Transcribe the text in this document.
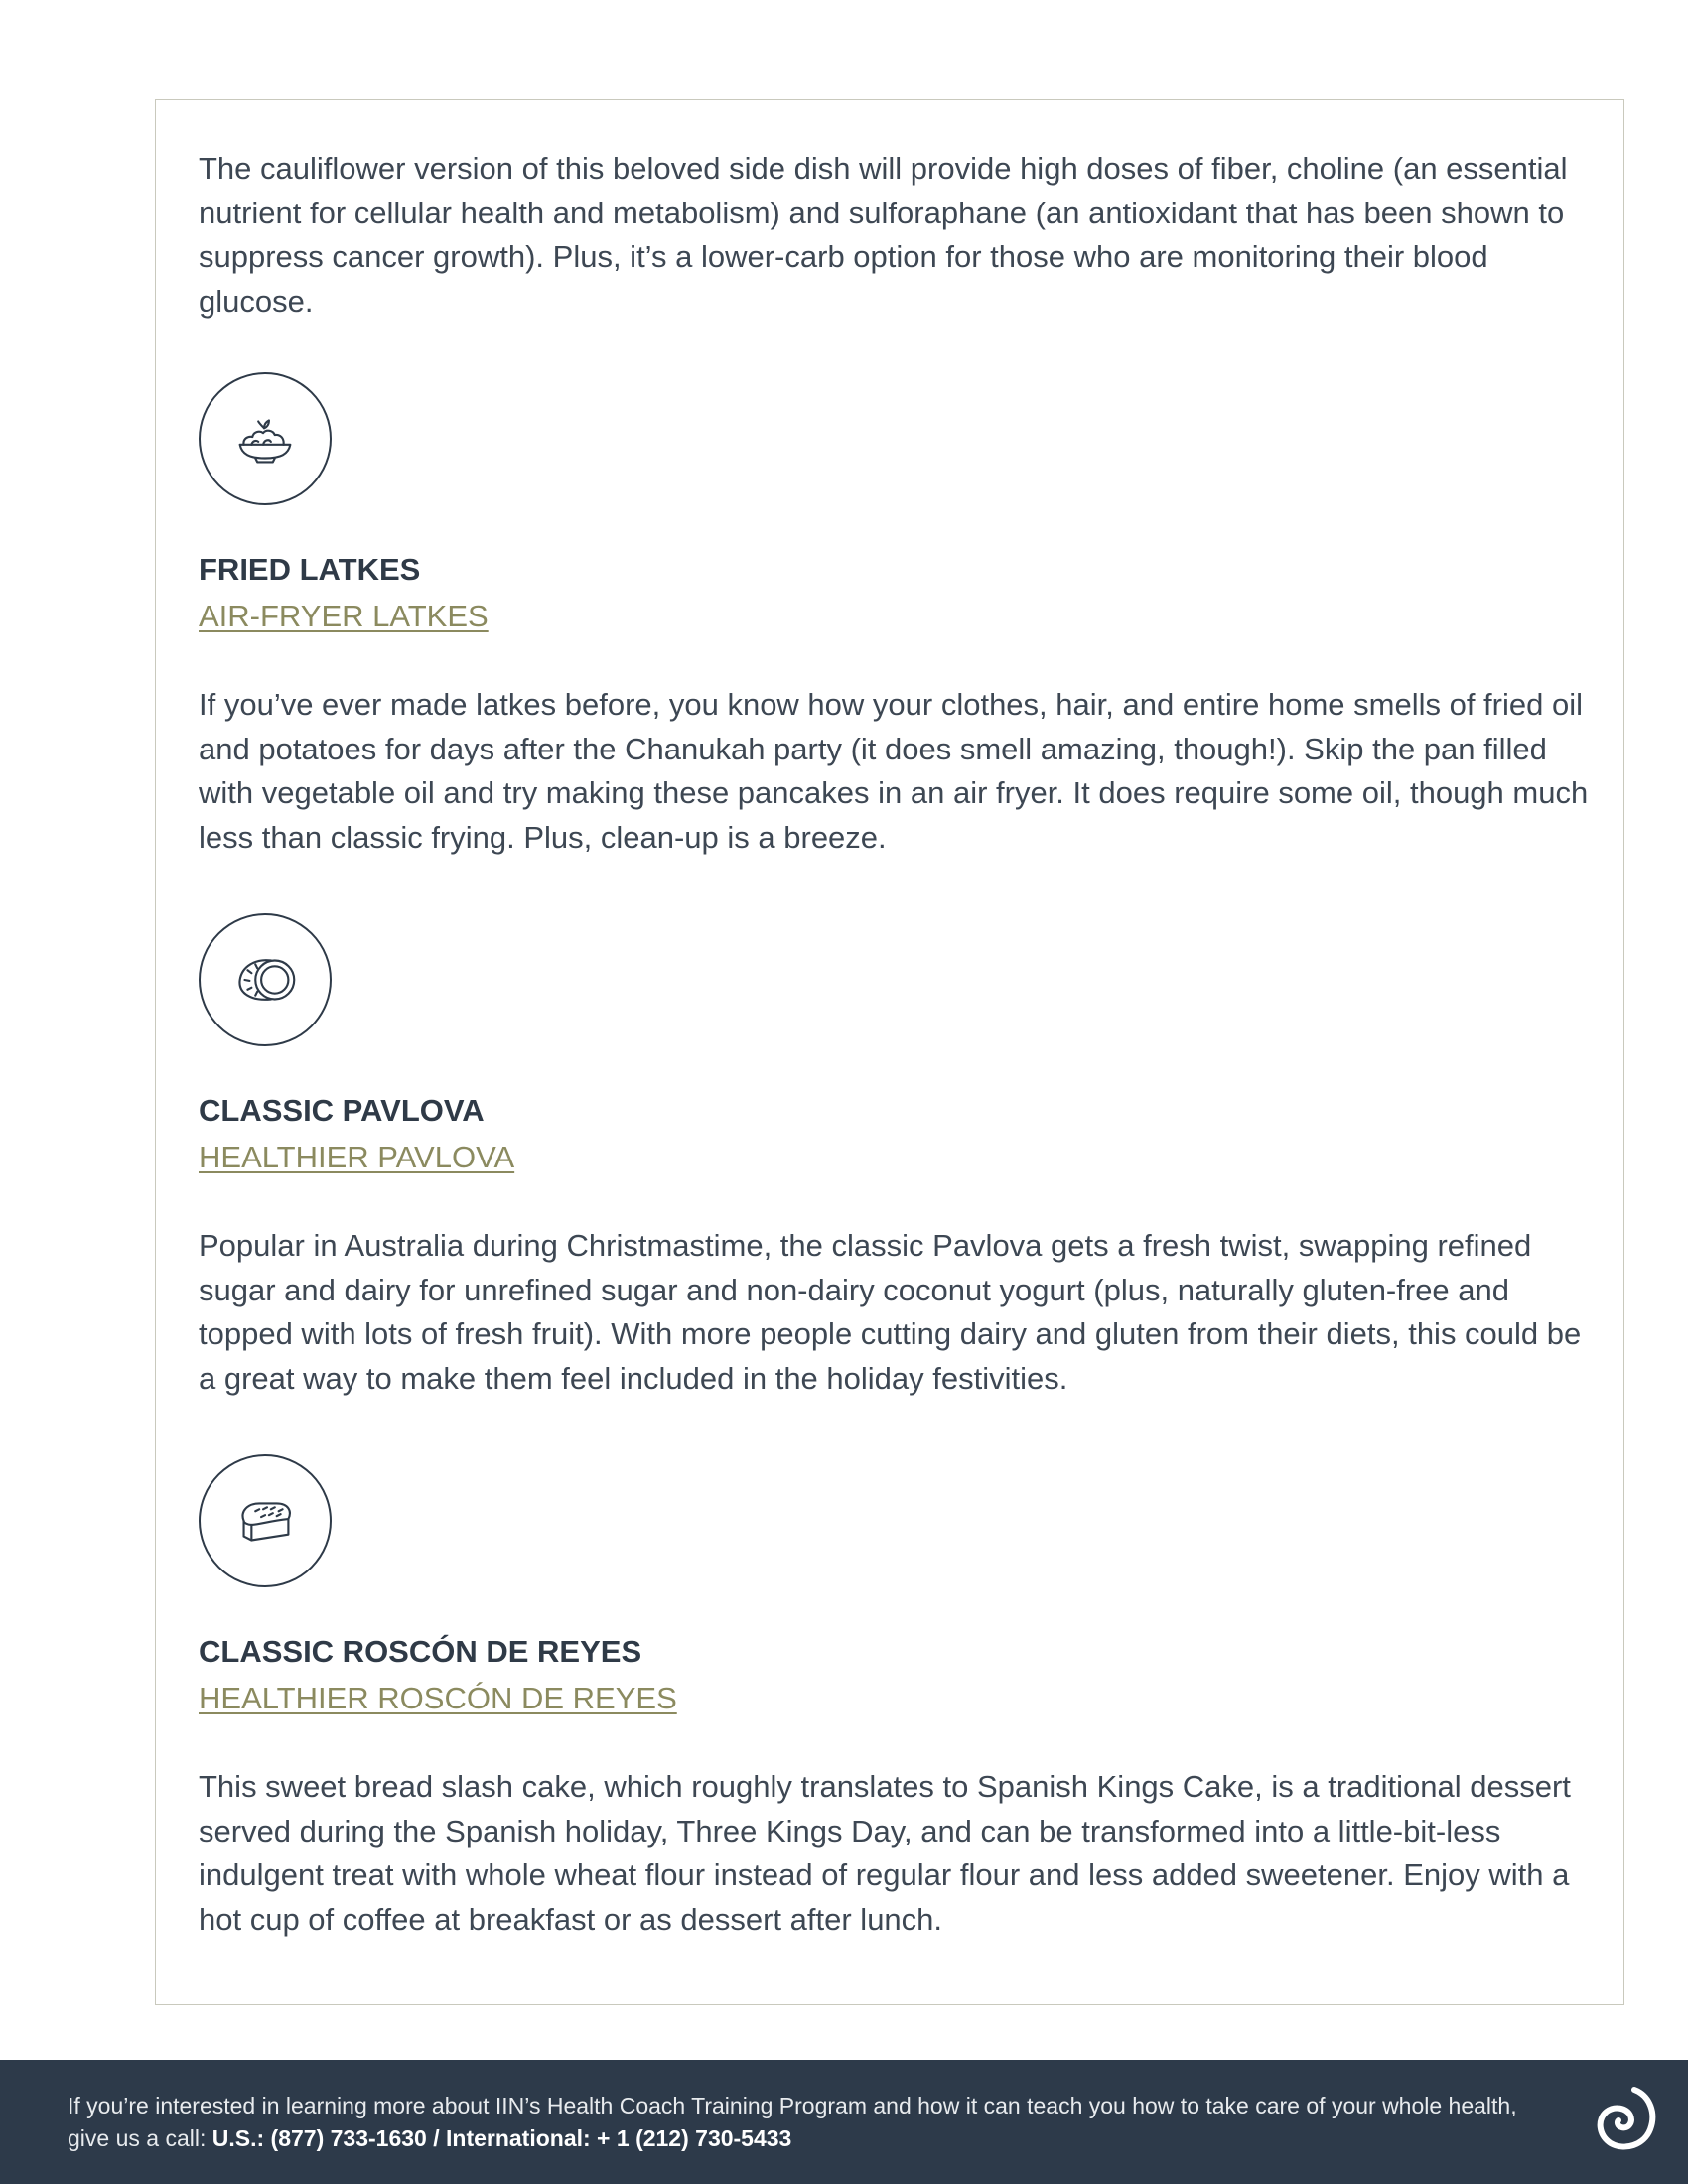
The cauliflower version of this beloved side dish will provide high doses of fiber, choline (an essential nutrient for cellular health and metabolism) and sulforaphane (an antioxidant that has been shown to suppress cancer growth). Plus, it’s a lower-carb option for those who are monitoring their blood glucose.

FRIED LATKES

AIR-FRYER LATKES

If you’ve ever made latkes before, you know how your clothes, hair, and entire home smells of fried oil and potatoes for days after the Chanukah party (it does smell amazing, though!). Skip the pan filled with vegetable oil and try making these pancakes in an air fryer. It does require some oil, though much less than classic frying. Plus, clean-up is a breeze.

CLASSIC PAVLOVA

HEALTHIER PAVLOVA

Popular in Australia during Christmastime, the classic Pavlova gets a fresh twist, swapping refined sugar and dairy for unrefined sugar and non-dairy coconut yogurt (plus, naturally gluten-free and topped with lots of fresh fruit). With more people cutting dairy and gluten from their diets, this could be a great way to make them feel included in the holiday festivities.

CLASSIC ROSCÓN DE REYES

HEALTHIER ROSCÓN DE REYES

This sweet bread slash cake, which roughly translates to Spanish Kings Cake, is a traditional dessert served during the Spanish holiday, Three Kings Day, and can be transformed into a little-bit-less indulgent treat with whole wheat flour instead of regular flour and less added sweetener. Enjoy with a hot cup of coffee at breakfast or as dessert after lunch.

If you’re interested in learning more about IIN’s Health Coach Training Program and how it can teach you how to take care of your whole health, give us a call: U.S.: (877) 733-1630 / International: + 1 (212) 730-5433
